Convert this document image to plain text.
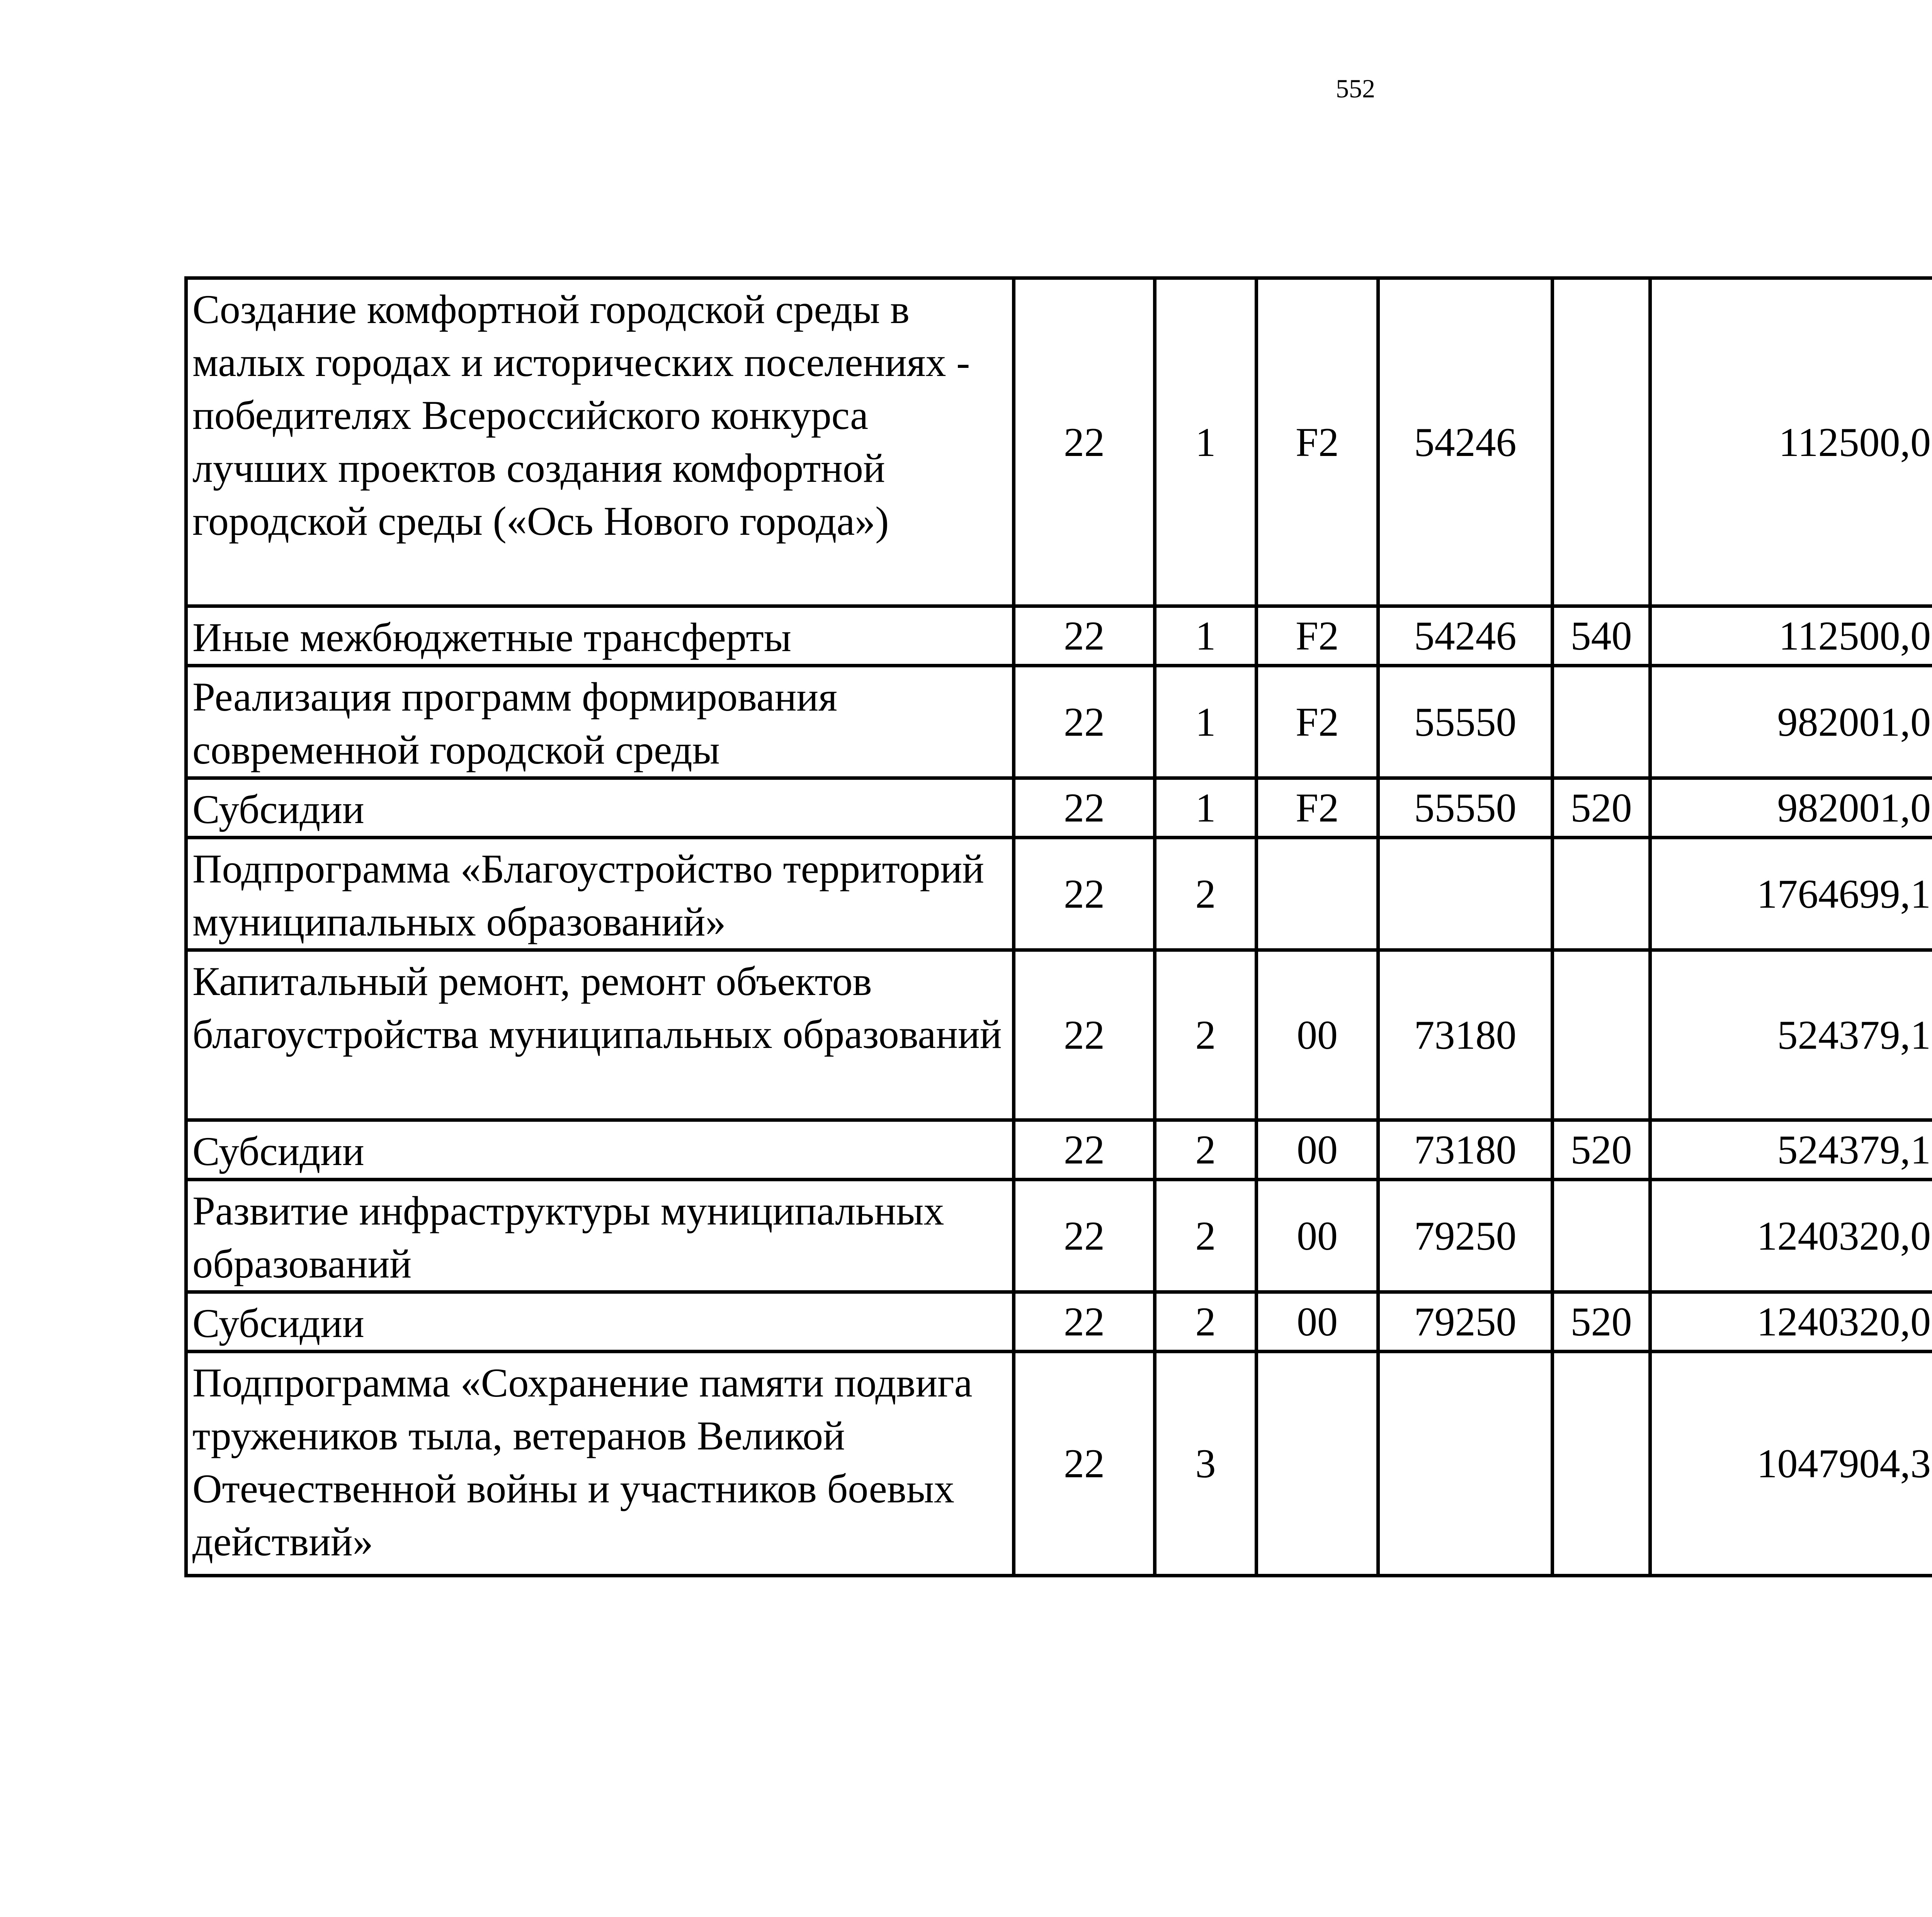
552
Создание комфортной городской среды в малых городах и исторических поселениях - победителях Всероссийского конкурса лучших проектов создания комфортной городской среды («Ось Нового города»)	22	1	F2	54246		112500,0		
Иные межбюджетные трансферты	22	1	F2	54246	540	112500,0		
Реализация программ формирования современной городской среды	22	1	F2	55550		982001,0		
Субсидии	22	1	F2	55550	520	982001,0		
Подпрограмма «Благоустройство территорий муниципальных образований»	22	2				1764699,1		
Капитальный ремонт, ремонт объектов благоустройства муниципальных образований	22	2	00	73180		524379,1		
Субсидии	22	2	00	73180	520	524379,1		
Развитие инфраструктуры муниципальных образований	22	2	00	79250		1240320,0		
Субсидии	22	2	00	79250	520	1240320,0		
Подпрограмма «Сохранение памяти подвига тружеников тыла, ветеранов Великой Отечественной войны и участников боевых действий»	22	3				1047904,3		
